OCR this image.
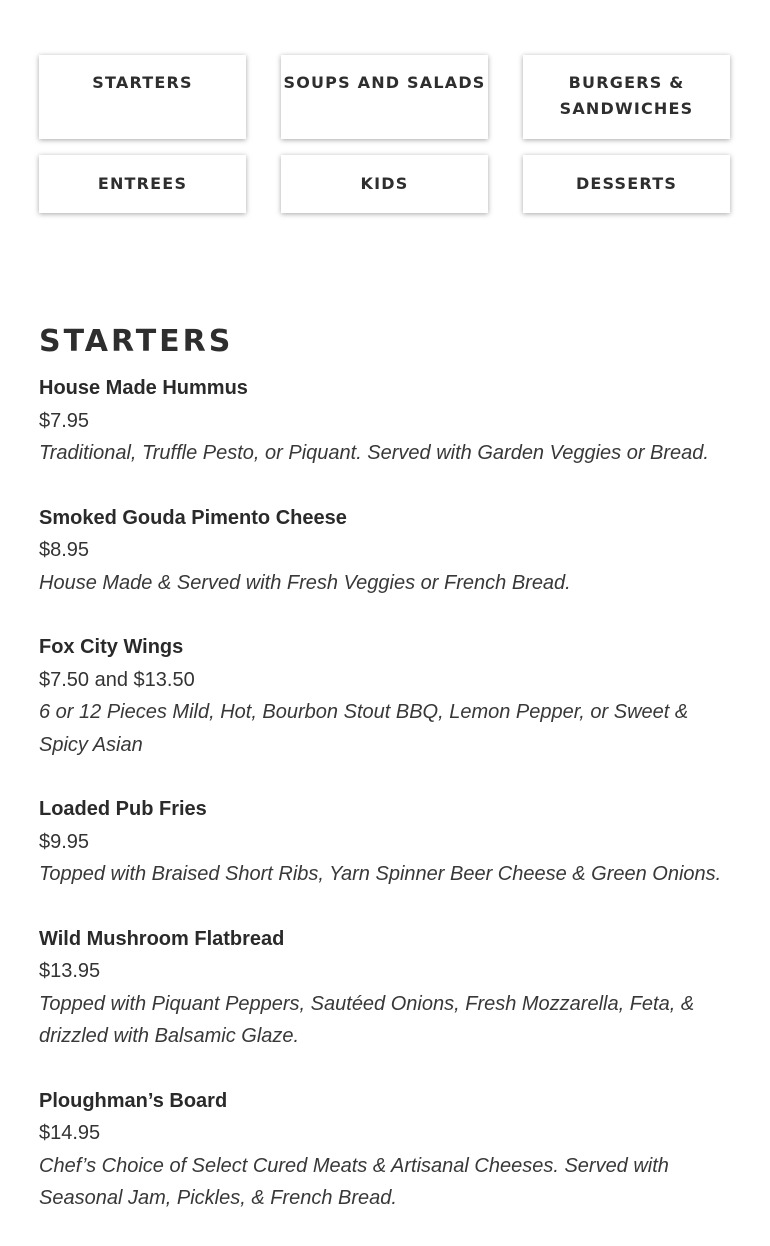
STARTERS	SOUPS AND SALADS	BURGERS & SANDWICHES
ENTREES	KIDS	DESSERTS
STARTERS
House Made Hummus
$7.95
Traditional, Truffle Pesto, or Piquant. Served with Garden Veggies or Bread.
Smoked Gouda Pimento Cheese
$8.95
House Made & Served with Fresh Veggies or French Bread.
Fox City Wings
$7.50 and $13.50
6 or 12 Pieces Mild, Hot, Bourbon Stout BBQ, Lemon Pepper, or Sweet & Spicy Asian
Loaded Pub Fries
$9.95
Topped with Braised Short Ribs, Yarn Spinner Beer Cheese & Green Onions.
Wild Mushroom Flatbread
$13.95
Topped with Piquant Peppers, Sautéed Onions, Fresh Mozzarella, Feta, & drizzled with Balsamic Glaze.
Ploughman’s Board
$14.95
Chef’s Choice of Select Cured Meats & Artisanal Cheeses. Served with Seasonal Jam, Pickles, & French Bread.
